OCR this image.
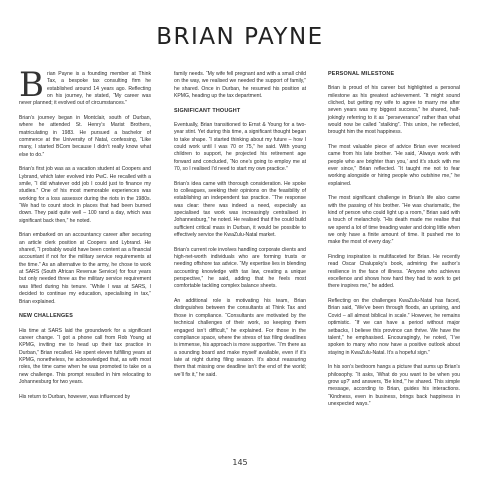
BRIAN PAYNE

Brian Payne is a founding member at Think Tax, a bespoke tax consulting firm he established around 14 years ago. Reflecting on his journey, he stated, “My career was never planned; it evolved out of circumstances.”

Brian’s journey began in Montclair, south of Durban, where he attended St. Henry’s Marist Brothers, matriculating in 1983. He pursued a bachelor of commerce at the University of Natal, confessing, “Like many, I started BCom because I didn’t really know what else to do.”

Brian’s first job was as a vacation student at Coopers and Lybrand, which later evolved into PwC. He recalled with a smile, “I did whatever odd job I could just to finance my studies.” One of his most memorable experiences was working for a loss assessor during the riots in the 1980s. “We had to count stock in places that had been burned down. They paid quite well – 100 rand a day, which was significant back then,” he noted.

Brian embarked on an accountancy career after securing an article clerk position at Coopers and Lybrand. He shared, “I probably would have been content as a financial accountant if not for the military service requirements at the time.” As an alternative to the army, he chose to work at SARS (South African Revenue Service) for four years but only needed three as the military service requirement was lifted during his tenure. “While I was at SARS, I decided to continue my education, specialising in tax,” Brian explained.

NEW CHALLENGES

His time at SARS laid the groundwork for a significant career change. “I got a phone call from Rob Young at KPMG, inviting me to head up their tax practice in Durban,” Brian recalled. He spent eleven fulfilling years at KPMG, nonetheless, he acknowledged that, as with most roles, the time came when he was promoted to take on a new challenge. This prompt resulted in him relocating to Johannesburg for two years.

His return to Durban, however, was influenced by

family needs. “My wife fell pregnant and with a small child on the way, we realised we needed the support of family,” he shared. Once in Durban, he resumed his position at KPMG, heading up the tax department.

SIGNIFICANT THOUGHT

Eventually, Brian transitioned to Ernst & Young for a two-year stint. Yet during this time, a significant thought began to take shape. “I started thinking about my future – how I could work until I was 70 or 75,” he said. With young children to support, he projected his retirement age forward and concluded, “No one’s going to employ me at 70, so I realised I’d need to start my own practice.”

Brian’s idea came with thorough consideration. He spoke to colleagues, seeking their opinions on the feasibility of establishing an independent tax practice. “The response was clear: there was indeed a need, especially as specialised tax work was increasingly centralised in Johannesburg,” he noted. He realised that if he could build sufficient critical mass in Durban, it would be possible to effectively service the KwaZulu-Natal market.

Brian’s current role involves handling corporate clients and high-net-worth individuals who are forming trusts or needing offshore tax advice. “My expertise lies in blending accounting knowledge with tax law, creating a unique perspective,” he said, adding that he feels most comfortable tackling complex balance sheets.

An additional role is motivating his team, Brian distinguishes between the consultants at Think Tax and those in compliance. “Consultants are motivated by the technical challenges of their work, so keeping them engaged isn’t difficult,” he explained. For those in the compliance space, where the stress of tax filing deadlines is immense, his approach is more supportive. “I’m there as a sounding board and make myself available, even if it’s late at night during filing season. It’s about reassuring them that missing one deadline isn’t the end of the world; we’ll fix it,” he said.

PERSONAL MILESTONE

Brian is proud of his career but highlighted a personal milestone as his greatest achievement. “It might sound cliched, but getting my wife to agree to marry me after seven years was my biggest success,” he shared, half-jokingly referring to it as “perseverance” rather than what would now be called “stalking”. This union, he reflected, brought him the most happiness.

The most valuable piece of advice Brian ever received came from his late brother. “He said, ‘Always work with people who are brighter than you,’ and it’s stuck with me ever since,” Brian reflected. “It taught me not to fear working alongside or hiring people who outshine me,” he explained.

The most significant challenge in Brian’s life also came with the passing of his brother. “He was charismatic, the kind of person who could light up a room,” Brian said with a touch of melancholy. “His death made me realise that we spend a lot of time treading water and doing little when we only have a finite amount of time. It pushed me to make the most of every day.”

Finding inspiration is multifaceted for Brian. He recently read Oscar Chalupsky’s book, admiring the author’s resilience in the face of illness. “Anyone who achieves excellence and shows how hard they had to work to get there inspires me,” he added.

Reflecting on the challenges KwaZulu-Natal has faced, Brian said, “We’ve been through floods, an uprising, and Covid – all almost biblical in scale.” However, he remains optimistic. “If we can have a period without major setbacks, I believe this province can thrive. We have the talent,” he emphasised. Encouragingly, he noted, “I’ve spoken to many who now have a positive outlook about staying in KwaZulu-Natal. It’s a hopeful sign.”

In his son’s bedroom hangs a picture that sums up Brian’s philosophy. “It asks, ‘What do you want to be when you grow up?’ and answers, ‘Be kind,’” he shared. This simple message, according to Brian, guides his interactions. “Kindness, even in business, brings back happiness in unexpected ways.”

145
